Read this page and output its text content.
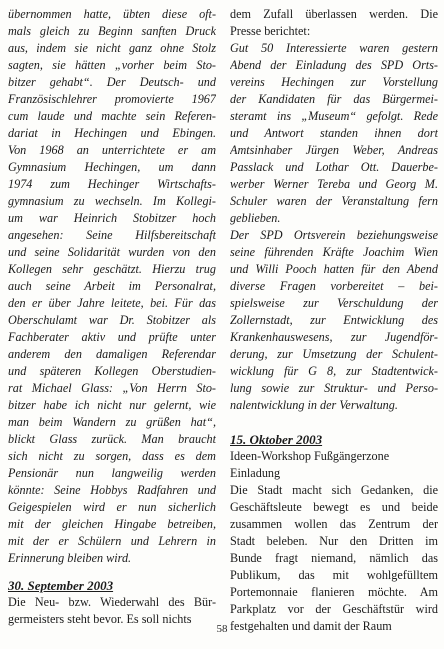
übernommen hatte, übten diese oft-
mals gleich zu Beginn sanften Druck
aus, indem sie nicht ganz ohne Stolz
sagten, sie hätten „vorher beim Sto-
bitzer gehabt“. Der Deutsch- und
Französischlehrer promovierte 1967
cum laude und machte sein Referen-
dariat in Hechingen und Ebingen.
Von 1968 an unterrichtete er am
Gymnasium Hechingen, um dann
1974 zum Hechinger Wirtschafts-
gymnasium zu wechseln. Im Kollegi-
um war Heinrich Stobitzer hoch
angesehen: Seine Hilfsbereitschaft
und seine Solidarität wurden von den
Kollegen sehr geschätzt. Hierzu trug
auch seine Arbeit im Personalrat,
den er über Jahre leitete, bei. Für das
Oberschulamt war Dr. Stobitzer als
Fachberater aktiv und prüfte unter
anderem den damaligen Referendar
und späteren Kollegen Oberstudien-
rat Michael Glass: „Von Herrn Sto-
bitzer habe ich nicht nur gelernt, wie
man beim Wandern zu grüßen hat“,
blickt Glass zurück. Man braucht
sich nicht zu sorgen, dass es dem
Pensionär nun langweilig werden
könnte: Seine Hobbys Radfahren und
Geigespielen wird er nun sicherlich
mit der gleichen Hingabe betreiben,
mit der er Schülern und Lehrern in
Erinnerung bleiben wird.
30. September 2003
Die Neu- bzw. Wiederwahl des Bür-
germeisters steht bevor. Es soll nichts
dem Zufall überlassen werden. Die
Presse berichtet:
Gut 50 Interessierte waren gestern
Abend der Einladung des SPD Orts-
vereins Hechingen zur Vorstellung
der Kandidaten für das Bürgermei-
steramt ins „Museum“ gefolgt. Rede
und Antwort standen ihnen dort
Amtsinhaber Jürgen Weber, Andreas
Passlack und Lothar Ott. Dauerbe-
werber Werner Tereba und Georg M.
Schuler waren der Veranstaltung fern
geblieben.
Der SPD Ortsverein beziehungsweise
seine führenden Kräfte Joachim Wien
und Willi Pooch hatten für den Abend
diverse Fragen vorbereitet – bei-
spielsweise zur Verschuldung der
Zollernstadt, zur Entwicklung des
Krankenhauswesens, zur Jugendför-
derung, zur Umsetzung der Schulent-
wicklung für G 8, zur Stadtentwick-
lung sowie zur Struktur- und Perso-
nalentwicklung in der Verwaltung.
15. Oktober 2003
Ideen-Workshop Fußgängerzone
Einladung
Die Stadt macht sich Gedanken, die
Geschäftsleute bewegt es und beide
zusammen wollen das Zentrum der
Stadt beleben. Nur den Dritten im
Bunde fragt niemand, nämlich das
Publikum, das mit wohlgefülltem
Portemonnaie flanieren möchte. Am
Parkplatz vor der Geschäftstür wird
festgehalten und damit der Raum
58
